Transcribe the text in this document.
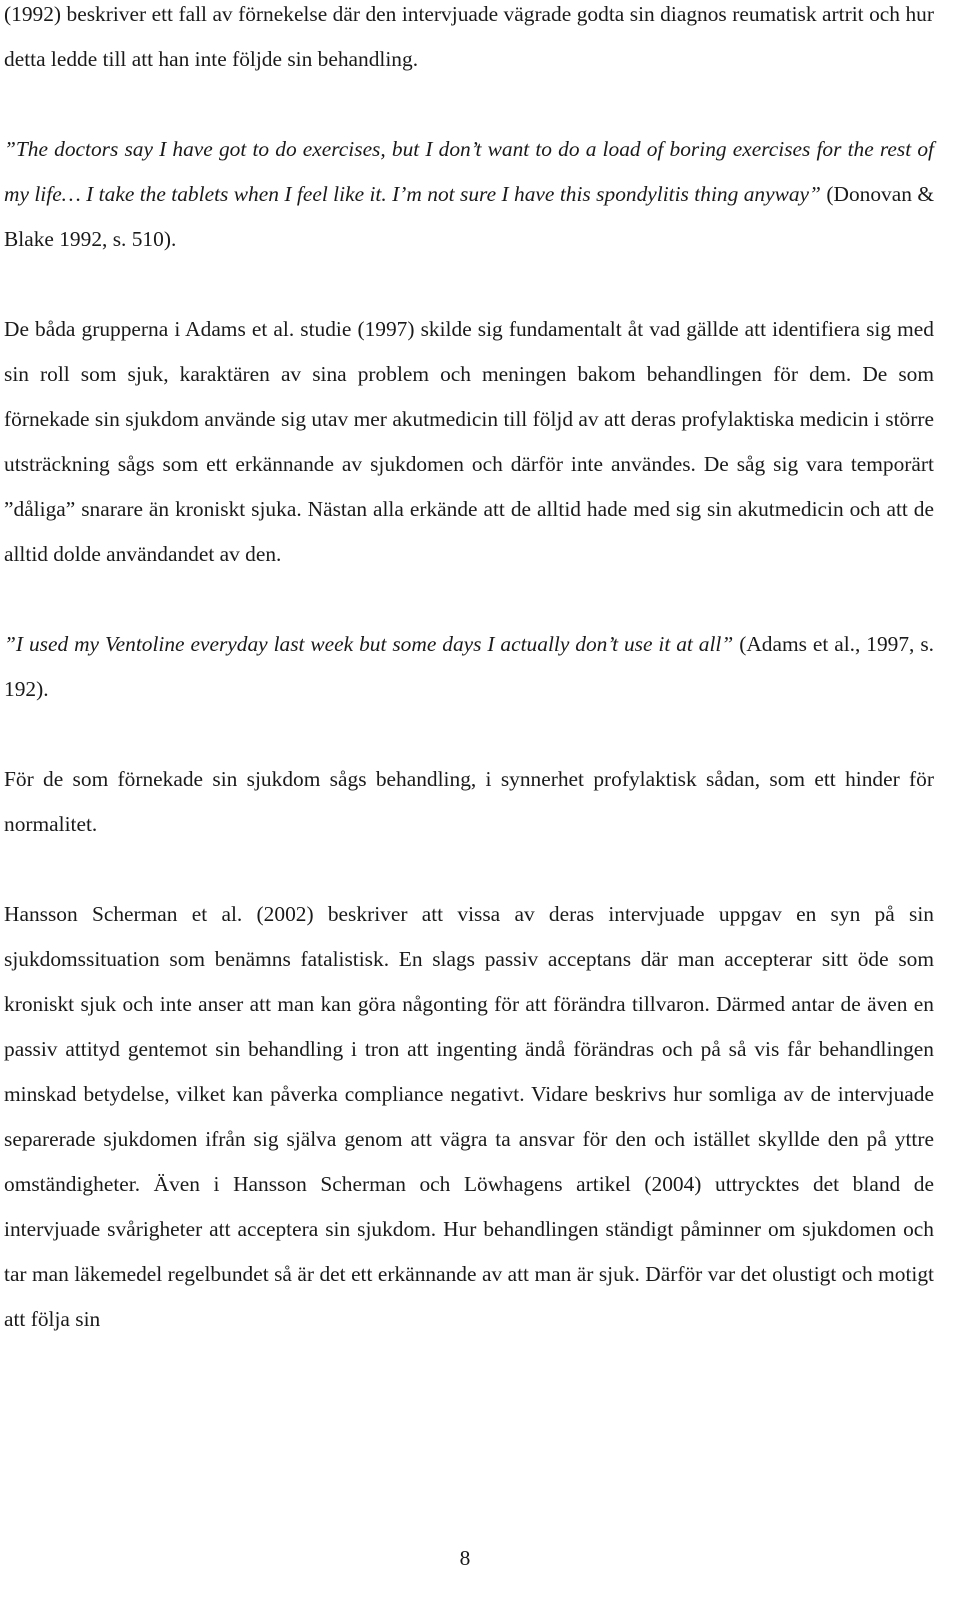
(1992) beskriver ett fall av förnekelse där den intervjuade vägrade godta sin diagnos reumatisk artrit och hur detta ledde till att han inte följde sin behandling.

”The doctors say I have got to do exercises, but I don’t want to do a load of boring exercises for the rest of my life… I take the tablets when I feel like it. I’m not sure I have this spondylitis thing anyway” (Donovan & Blake 1992, s. 510).

De båda grupperna i Adams et al. studie (1997) skilde sig fundamentalt åt vad gällde att identifiera sig med sin roll som sjuk, karaktären av sina problem och meningen bakom behandlingen för dem. De som förnekade sin sjukdom använde sig utav mer akutmedicin till följd av att deras profylaktiska medicin i större utsträckning sågs som ett erkännande av sjukdomen och därför inte användes. De såg sig vara temporärt ”dåliga” snarare än kroniskt sjuka. Nästan alla erkände att de alltid hade med sig sin akutmedicin och att de alltid dolde användandet av den.

”I used my Ventoline everyday last week but some days I actually don’t use it at all” (Adams et al., 1997, s. 192).

För de som förnekade sin sjukdom sågs behandling, i synnerhet profylaktisk sådan, som ett hinder för normalitet.

Hansson Scherman et al. (2002) beskriver att vissa av deras intervjuade uppgav en syn på sin sjukdomssituation som benämns fatalistisk. En slags passiv acceptans där man accepterar sitt öde som kroniskt sjuk och inte anser att man kan göra någonting för att förändra tillvaron. Därmed antar de även en passiv attityd gentemot sin behandling i tron att ingenting ändå förändras och på så vis får behandlingen minskad betydelse, vilket kan påverka compliance negativt. Vidare beskrivs hur somliga av de intervjuade separerade sjukdomen ifrån sig själva genom att vägra ta ansvar för den och istället skyllde den på yttre omständigheter. Även i Hansson Scherman och Löwhagens artikel (2004) uttrycktes det bland de intervjuade svårigheter att acceptera sin sjukdom. Hur behandlingen ständigt påminner om sjukdomen och tar man läkemedel regelbundet så är det ett erkännande av att man är sjuk. Därför var det olustigt och motigt att följa sin

8
